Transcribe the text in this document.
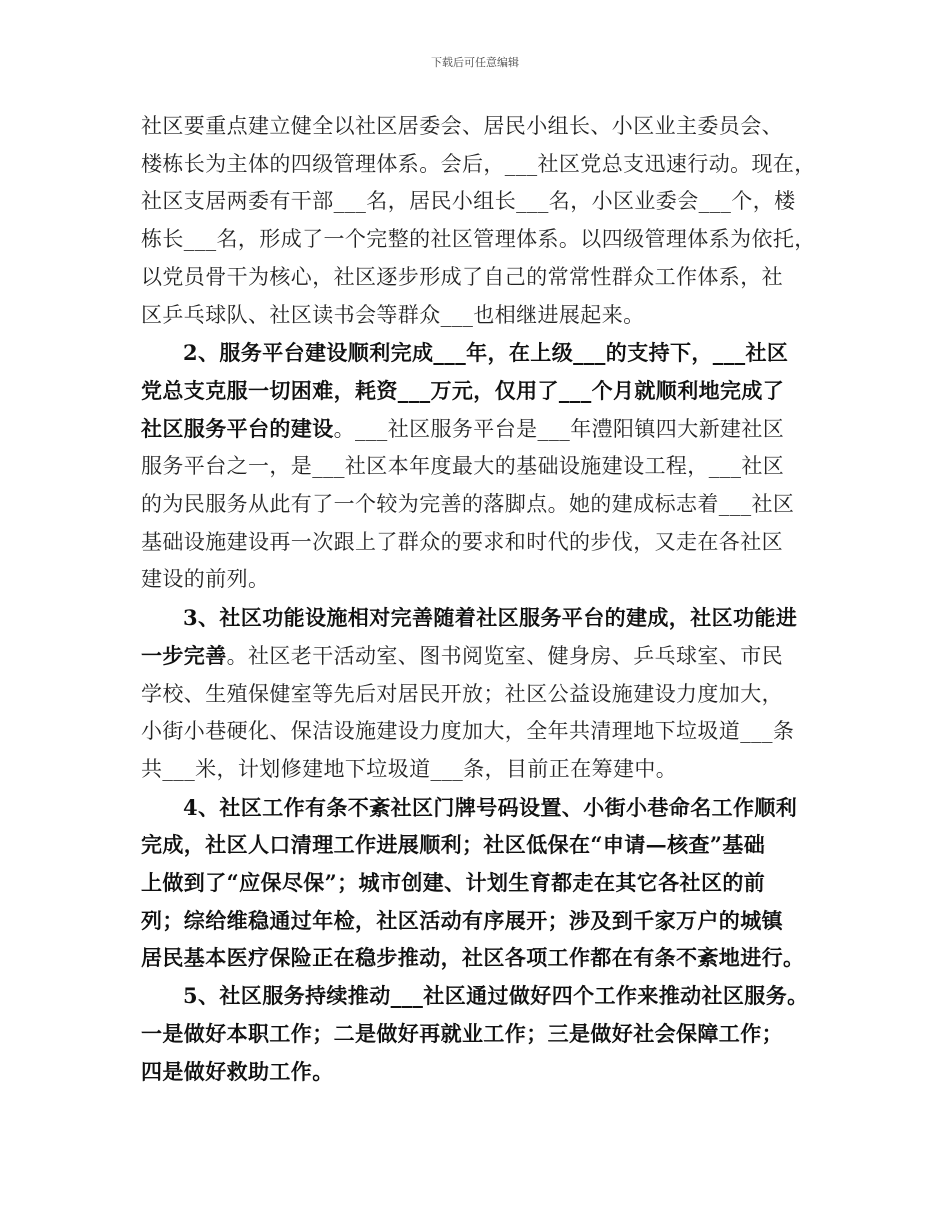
下载后可任意编辑
社区要重点建立健全以社区居委会、居民小组长、小区业主委员会、
楼栋长为主体的四级管理体系。会后，___社区党总支迅速行动。现在，
社区支居两委有干部___名，居民小组长___名，小区业委会___个，楼
栋长___名，形成了一个完整的社区管理体系。以四级管理体系为依托，
以党员骨干为核心，社区逐步形成了自己的常常性群众工作体系，社
区乒乓球队、社区读书会等群众___也相继进展起来。
2、服务平台建设顺利完成___年，在上级___的支持下，___社区
党总支克服一切困难，耗资___万元，仅用了___个月就顺利地完成了
社区服务平台的建设。___社区服务平台是___年澧阳镇四大新建社区
服务平台之一，是___社区本年度最大的基础设施建设工程，___社区
的为民服务从此有了一个较为完善的落脚点。她的建成标志着___社区
基础设施建设再一次跟上了群众的要求和时代的步伐，又走在各社区
建设的前列。
3、社区功能设施相对完善随着社区服务平台的建成，社区功能进
一步完善。社区老干活动室、图书阅览室、健身房、乒乓球室、市民
学校、生殖保健室等先后对居民开放；社区公益设施建设力度加大，
小街小巷硬化、保洁设施建设力度加大，全年共清理地下垃圾道___条
共___米，计划修建地下垃圾道___条，目前正在筹建中。
4、社区工作有条不紊社区门牌号码设置、小街小巷命名工作顺利
完成，社区人口清理工作进展顺利；社区低保在“申请—核查”基础
上做到了“应保尽保”；城市创建、计划生育都走在其它各社区的前
列；综给维稳通过年检，社区活动有序展开；涉及到千家万户的城镇
居民基本医疗保险正在稳步推动，社区各项工作都在有条不紊地进行。
5、社区服务持续推动___社区通过做好四个工作来推动社区服务。
一是做好本职工作；二是做好再就业工作；三是做好社会保障工作；
四是做好救助工作。
